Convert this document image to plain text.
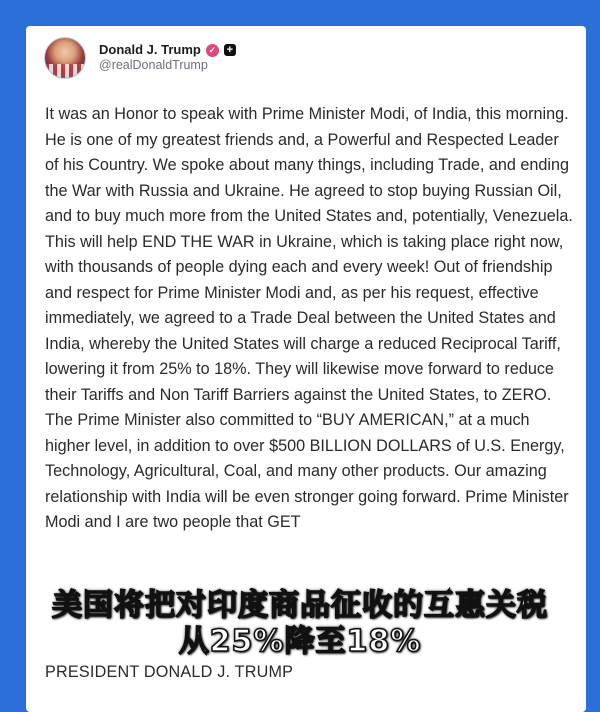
Donald J. Trump ✓ +
@realDonaldTrump

It was an Honor to speak with Prime Minister Modi, of India, this morning. He is one of my greatest friends and, a Powerful and Respected Leader of his Country. We spoke about many things, including Trade, and ending the War with Russia and Ukraine. He agreed to stop buying Russian Oil, and to buy much more from the United States and, potentially, Venezuela. This will help END THE WAR in Ukraine, which is taking place right now, with thousands of people dying each and every week! Out of friendship and respect for Prime Minister Modi and, as per his request, effective immediately, we agreed to a Trade Deal between the United States and India, whereby the United States will charge a reduced Reciprocal Tariff, lowering it from 25% to 18%. They will likewise move forward to reduce their Tariffs and Non Tariff Barriers against the United States, to ZERO. The Prime Minister also committed to “BUY AMERICAN,” at a much higher level, in addition to over $500 BILLION DOLLARS of U.S. Energy, Technology, Agricultural, Coal, and many other products. Our amazing relationship with India will be even stronger going forward. Prime Minister Modi and I are two people that GET

PRESIDENT DONALD J. TRUMP
美国将把对印度商品征收的互惠关税
从25%降至18%
